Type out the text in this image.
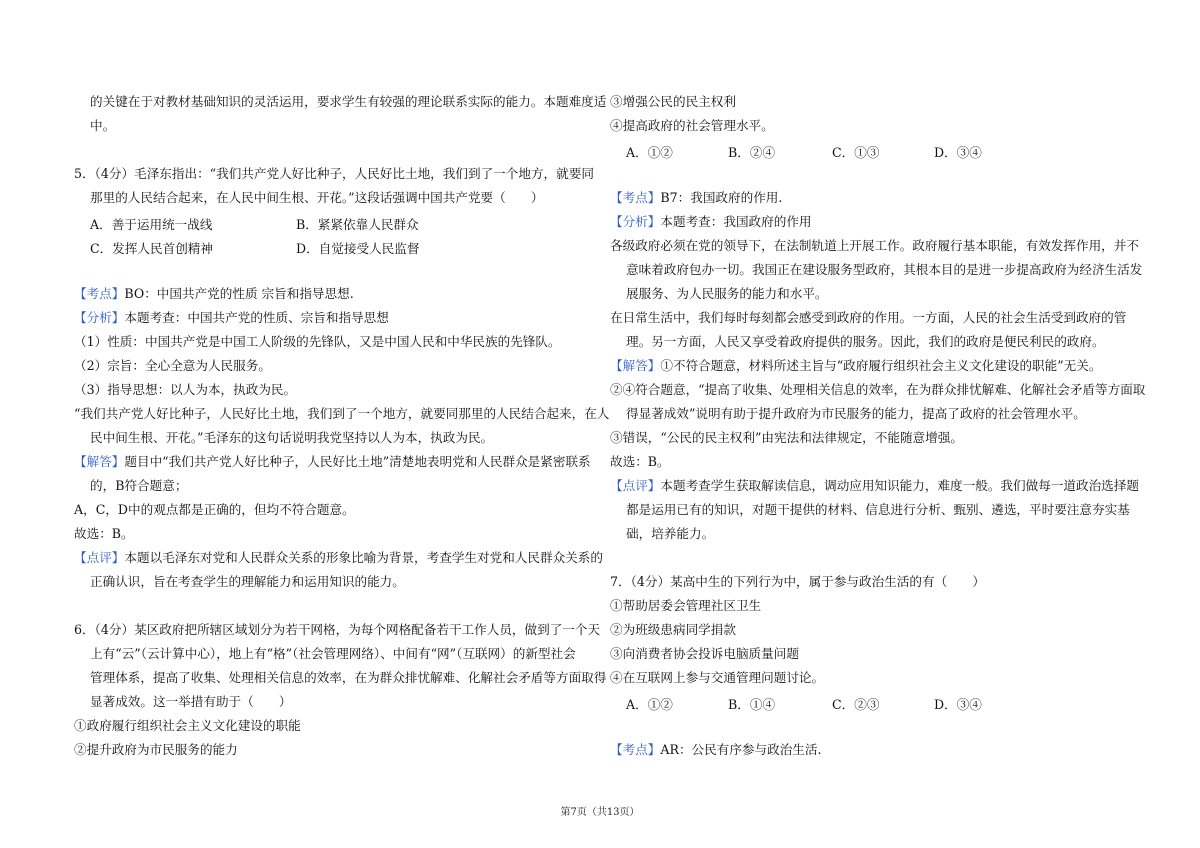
的关键在于对教材基础知识的灵活运用，要求学生有较强的理论联系实际的能力。本题难度适
中。
5．（4分）毛泽东指出：“我们共产党人好比种子，人民好比土地，我们到了一个地方，就要同
那里的人民结合起来，在人民中间生根、开花。”这段话强调中国共产党要（　　）
A．善于运用统一战线	B．紧紧依靠人民群众
C．发挥人民首创精神	D．自觉接受人民监督
【考点】BO：中国共产党的性质 宗旨和指导思想.
【分析】本题考查：中国共产党的性质、宗旨和指导思想
（1）性质：中国共产党是中国工人阶级的先锋队，又是中国人民和中华民族的先锋队。
（2）宗旨：全心全意为人民服务。
（3）指导思想：以人为本，执政为民。
“我们共产党人好比种子，人民好比土地，我们到了一个地方，就要同那里的人民结合起来，在人
民中间生根、开花。”毛泽东的这句话说明我党坚持以人为本，执政为民。
【解答】题目中“我们共产党人好比种子，人民好比土地”清楚地表明党和人民群众是紧密联系
的，B符合题意；
A，C，D中的观点都是正确的，但均不符合题意。
故选：B。
【点评】本题以毛泽东对党和人民群众关系的形象比喻为背景，考查学生对党和人民群众关系的
正确认识，旨在考查学生的理解能力和运用知识的能力。
6．（4分）某区政府把所辖区域划分为若干网格，为每个网格配备若干工作人员，做到了一个天
上有“云”（云计算中心），地上有“格”（社会管理网络）、中间有“网”（互联网）的新型社会
管理体系，提高了收集、处理相关信息的效率，在为群众排忧解难、化解社会矛盾等方面取得
显著成效。这一举措有助于（　　）
①政府履行组织社会主义文化建设的职能
②提升政府为市民服务的能力
③增强公民的民主权利
④提高政府的社会管理水平。
A．①②	B．②④	C．①③	D．③④
【考点】B7：我国政府的作用.
【分析】本题考查：我国政府的作用
各级政府必须在党的领导下，在法制轨道上开展工作。政府履行基本职能，有效发挥作用，并不
意味着政府包办一切。我国正在建设服务型政府，其根本目的是进一步提高政府为经济生活发
展服务、为人民服务的能力和水平。
在日常生活中，我们每时每刻都会感受到政府的作用。一方面，人民的社会生活受到政府的管
理。另一方面，人民又享受着政府提供的服务。因此，我们的政府是便民利民的政府。
【解答】①不符合题意，材料所述主旨与“政府履行组织社会主义文化建设的职能”无关。
②④符合题意，“提高了收集、处理相关信息的效率，在为群众排忧解难、化解社会矛盾等方面取
得显著成效”说明有助于提升政府为市民服务的能力，提高了政府的社会管理水平。
③错误，“公民的民主权利”由宪法和法律规定，不能随意增强。
故选：B。
【点评】本题考查学生获取解读信息，调动应用知识能力，难度一般。我们做每一道政治选择题
都是运用已有的知识，对题干提供的材料、信息进行分析、甄别、遴选，平时要注意夯实基
础，培养能力。
7．（4分）某高中生的下列行为中，属于参与政治生活的有（　　）
①帮助居委会管理社区卫生
②为班级患病同学捐款
③向消费者协会投诉电脑质量问题
④在互联网上参与交通管理问题讨论。
A．①②	B．①④	C．②③	D．③④
【考点】AR：公民有序参与政治生活.
第7页（共13页）
